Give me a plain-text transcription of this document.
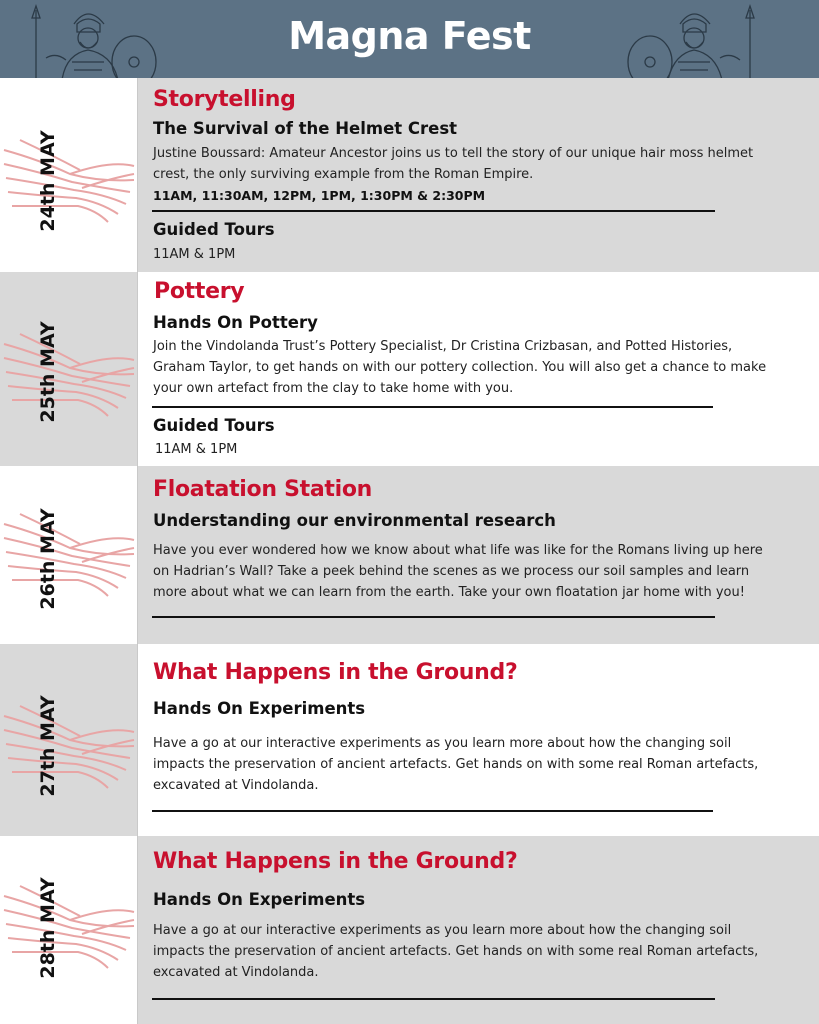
Magna Fest
24th MAY
Storytelling
The Survival of the Helmet Crest
Justine Boussard: Amateur Ancestor joins us to tell the story of our unique hair moss helmet crest, the only surviving example from the Roman Empire.
11AM, 11:30AM, 12PM, 1PM, 1:30PM & 2:30PM
Guided Tours
11AM & 1PM
25th MAY
Pottery
Hands On Pottery
Join the Vindolanda Trust’s Pottery Specialist, Dr Cristina Crizbasan, and Potted Histories, Graham Taylor, to get hands on with our pottery collection. You will also get a chance to make your own artefact from the clay to take home with you.
Guided Tours
11AM & 1PM
26th MAY
Floatation Station
Understanding our environmental research
Have you ever wondered how we know about what life was like for the Romans living up here on Hadrian’s Wall? Take a peek behind the scenes as we process our soil samples and learn more about what we can learn from the earth. Take your own floatation jar home with you!
27th MAY
What Happens in the Ground?
Hands On Experiments
Have a go at our interactive experiments as you learn more about how the changing soil impacts the preservation of ancient artefacts. Get hands on with some real Roman artefacts, excavated at Vindolanda.
28th MAY
What Happens in the Ground?
Hands On Experiments
Have a go at our interactive experiments as you learn more about how the changing soil impacts the preservation of ancient artefacts. Get hands on with some real Roman artefacts, excavated at Vindolanda.
